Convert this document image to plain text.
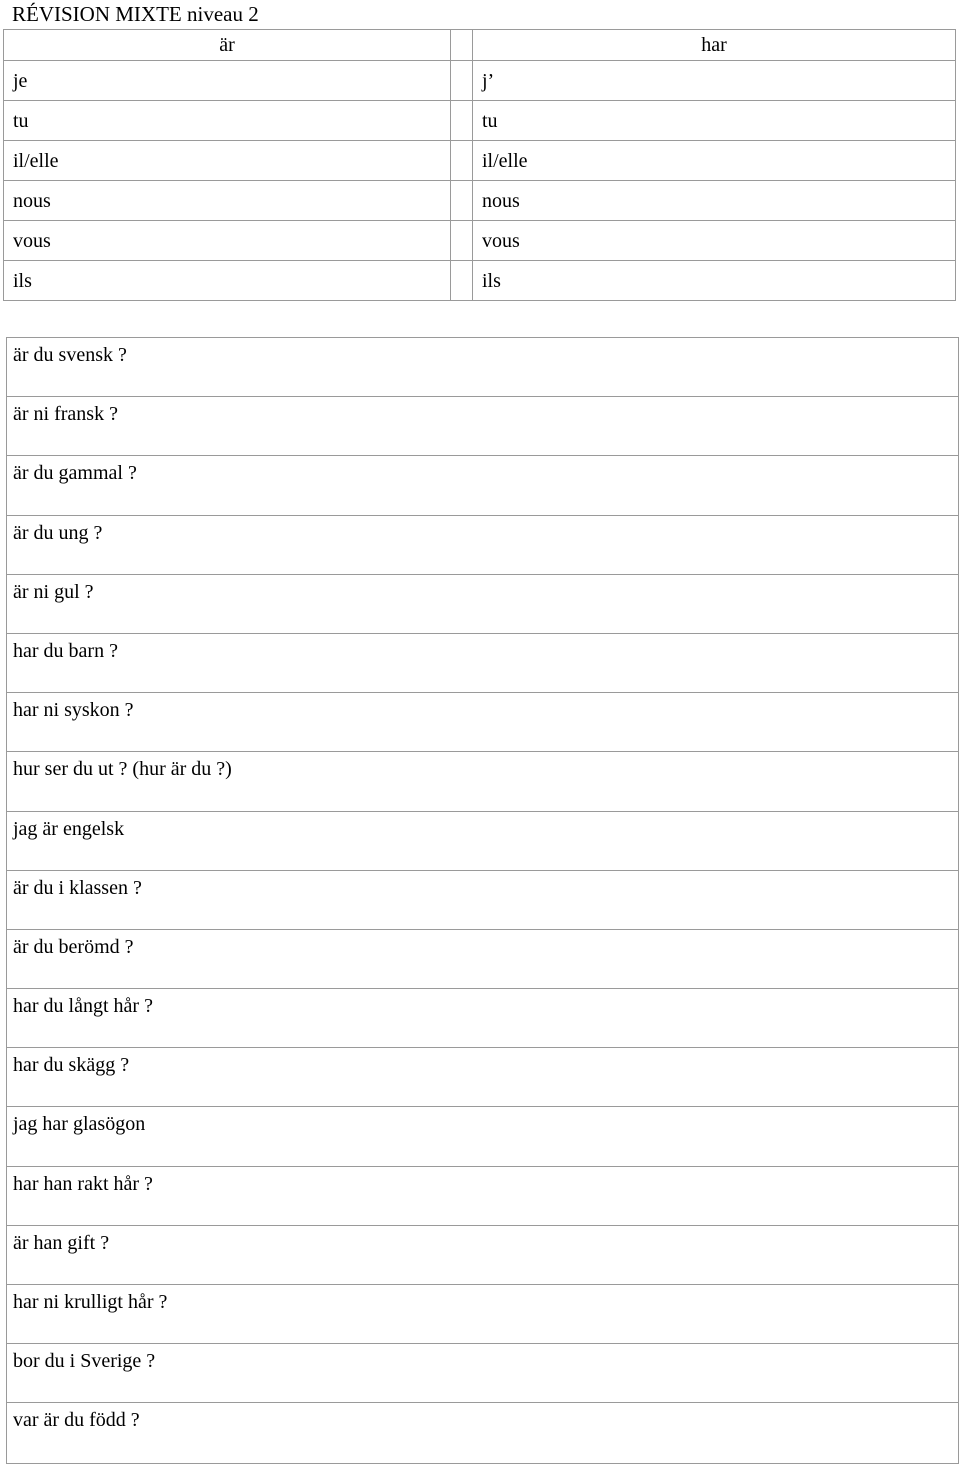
RÉVISION MIXTE niveau 2
är		har
je		j’
tu		tu
il/elle		il/elle
nous		nous
vous		vous
ils		ils
är du svensk ?
är ni fransk ?
är du gammal ?
är du ung ?
är ni gul ?
har du barn ?
har ni syskon ?
hur ser du ut ? (hur är du ?)
jag är engelsk
är du i klassen ?
är du berömd ?
har du långt hår ?
har du skägg ?
jag har glasögon
har han rakt hår ?
är han gift ?
har ni krulligt hår ?
bor du i Sverige ?
var är du född ?
